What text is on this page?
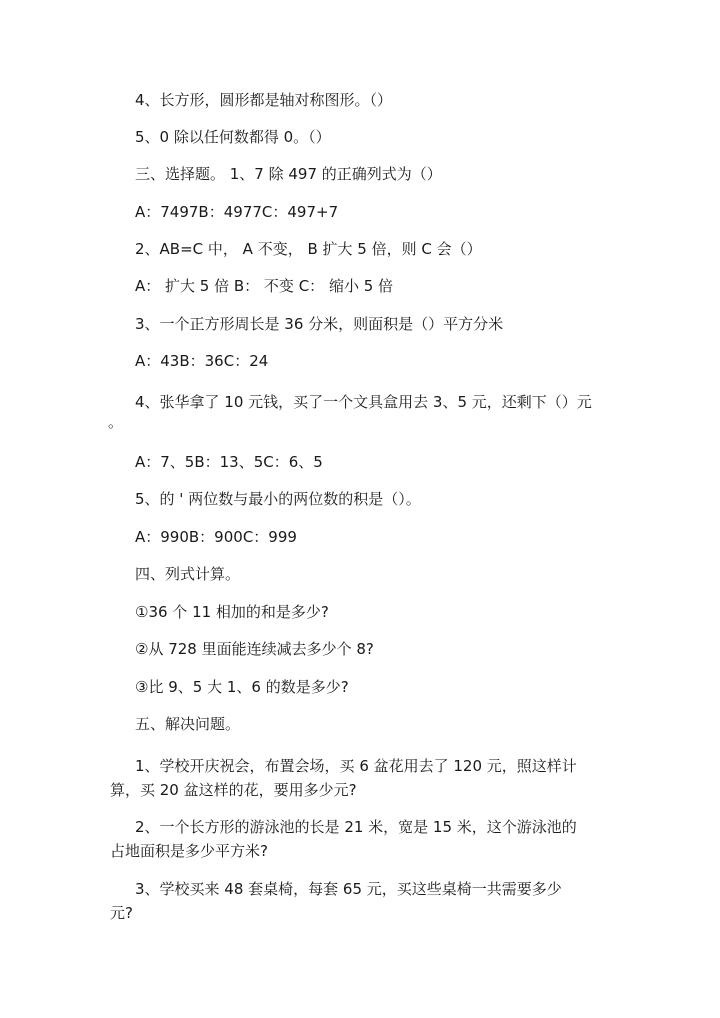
4、长方形，圆形都是轴对称图形。（）
5、0 除以任何数都得 0。（）
三、选择题。 1、7 除 497 的正确列式为（）
A：7497B：4977C：497+7
2、AB=C 中， A 不变， B 扩大 5 倍，则 C 会（）
A： 扩大 5 倍 B： 不变 C： 缩小 5 倍
3、一个正方形周长是 36 分米，则面积是（）平方分米
A：43B：36C：24
4、张华拿了 10 元钱，买了一个文具盒用去 3、5 元，还剩下（）元
。
A：7、5B：13、5C：6、5
5、的 ' 两位数与最小的两位数的积是（）。
A：990B：900C：999
四、列式计算。
①36 个 11 相加的和是多少?
②从 728 里面能连续减去多少个 8?
③比 9、5 大 1、6 的数是多少?
五、解决问题。
1、学校开庆祝会，布置会场，买 6 盆花用去了 120 元，照这样计
算，买 20 盆这样的花，要用多少元?
2、一个长方形的游泳池的长是 21 米，宽是 15 米，这个游泳池的
占地面积是多少平方米?
3、学校买来 48 套桌椅，每套 65 元，买这些桌椅一共需要多少
元?
